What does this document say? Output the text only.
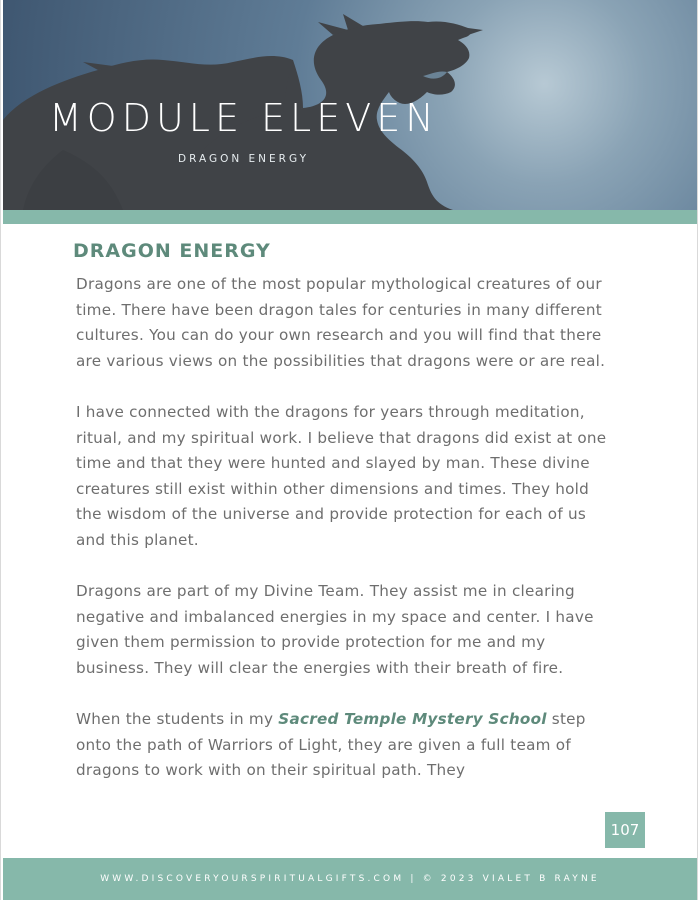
MODULE ELEVEN
DRAGON ENERGY
DRAGON ENERGY

Dragons are one of the most popular mythological creatures of our time. There have been dragon tales for centuries in many different cultures. You can do your own research and you will find that there are various views on the possibilities that dragons were or are real.

I have connected with the dragons for years through meditation, ritual, and my spiritual work. I believe that dragons did exist at one time and that they were hunted and slayed by man. These divine creatures still exist within other dimensions and times. They hold the wisdom of the universe and provide protection for each of us and this planet.

Dragons are part of my Divine Team. They assist me in clearing negative and imbalanced energies in my space and center. I have given them permission to provide protection for me and my business. They will clear the energies with their breath of fire.

When the students in my Sacred Temple Mystery School step onto the path of Warriors of Light, they are given a full team of dragons to work with on their spiritual path. They

107
WWW.DISCOVERYOURSPIRITUALGIFTS.COM | © 2023 VIALET B RAYNE
